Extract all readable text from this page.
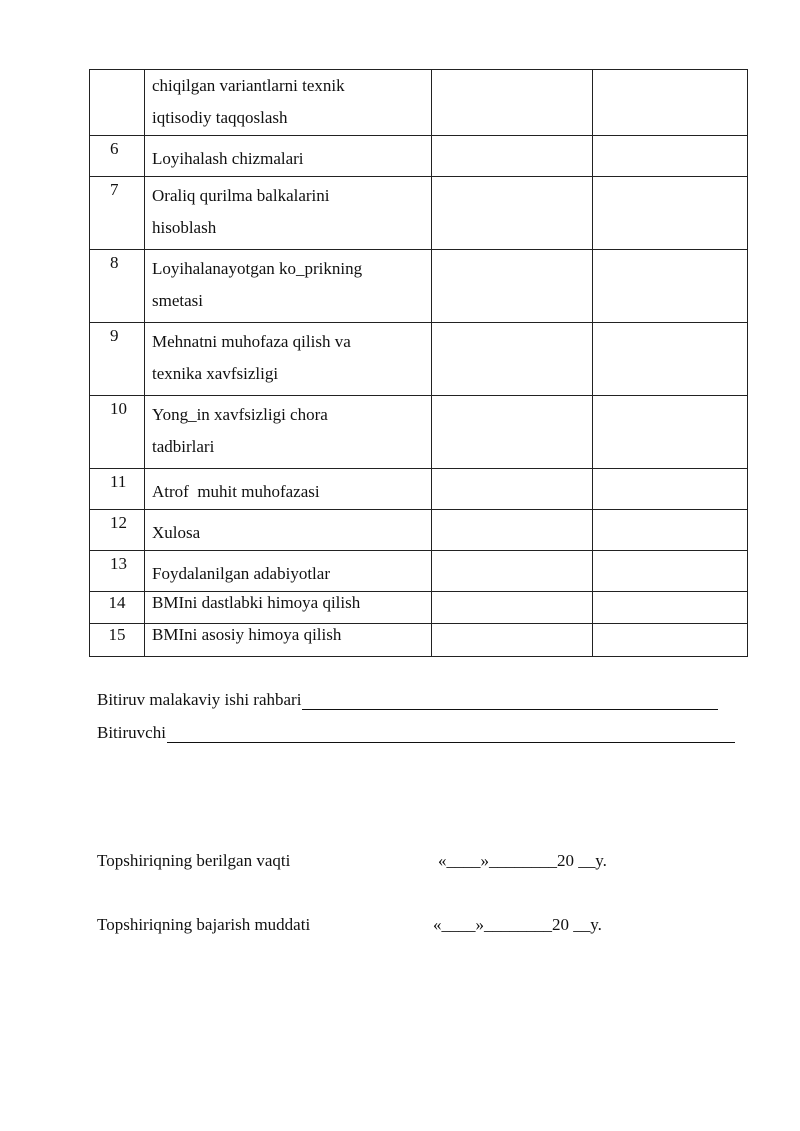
	chiqilgan variantlarni texnik
iqtisodiy taqqoslash		

6	Loyihalash chizmalari		

7	Oraliq qurilma balkalarini
hisoblash		

8	Loyihalanayotgan ko_prikning
smetasi		

9	Mehnatni muhofaza qilish va
texnika xavfsizligi		

10	Yong_in xavfsizligi chora
tadbirlari		

11	Atrof  muhit muhofazasi		

12	Xulosa		

13	Foydalanilgan adabiyotlar		

14	BMIni dastlabki himoya qilish		

15	BMIni asosiy himoya qilish		

Bitiruv malakaviy ishi rahbari
Bitiruvchi
Topshiriqning berilgan vaqti	«____»________20 __y.
Topshiriqning bajarish muddati	«____»________20 __y.
